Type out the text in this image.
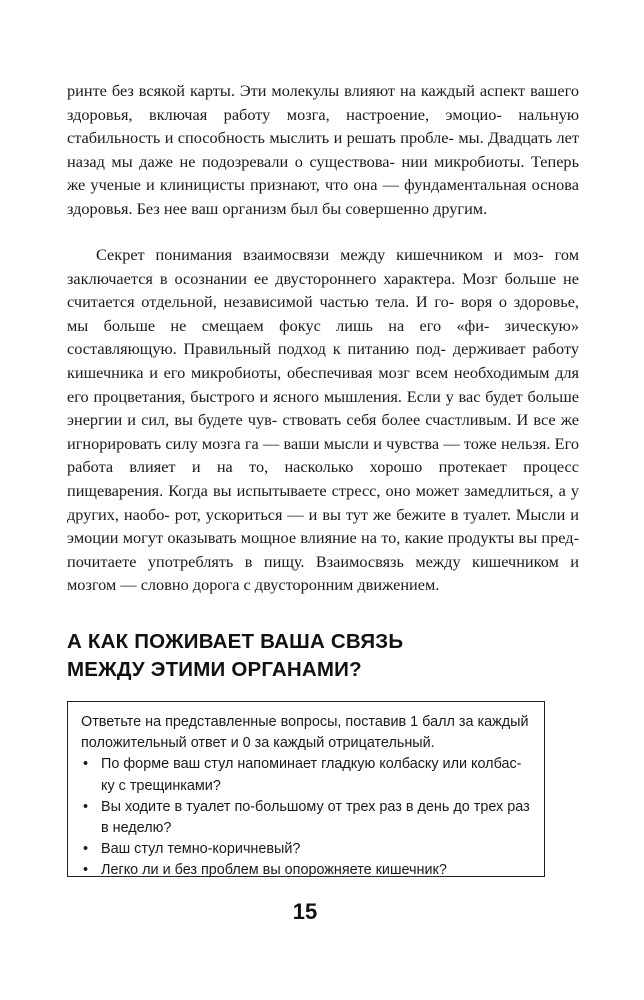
ринте без всякой карты. Эти молекулы влияют на каждый аспект вашего здоровья, включая работу мозга, настроение, эмоцио- нальную стабильность и способность мыслить и решать пробле- мы. Двадцать лет назад мы даже не подозревали о существова- нии микробиоты. Теперь же ученые и клиницисты признают, что она — фундаментальная основа здоровья. Без нее ваш организм был бы совершенно другим.

Секрет понимания взаимосвязи между кишечником и моз- гом заключается в осознании ее двустороннего характера. Мозг больше не считается отдельной, независимой частью тела. И го- воря о здоровье, мы больше не смещаем фокус лишь на его «фи- зическую» составляющую. Правильный подход к питанию под- держивает работу кишечника и его микробиоты, обеспечивая мозг всем необходимым для его процветания, быстрого и ясного мышления. Если у вас будет больше энергии и сил, вы будете чув- ствовать себя более счастливым. И все же игнорировать силу мозга га — ваши мысли и чувства — тоже нельзя. Его работа влияет и на то, насколько хорошо протекает процесс пищеварения. Когда вы испытываете стресс, оно может замедлиться, а у других, наобо- рот, ускориться — и вы тут же бежите в туалет. Мысли и эмоции могут оказывать мощное влияние на то, какие продукты вы пред- почитаете употреблять в пищу. Взаимосвязь между кишечником и мозгом — словно дорога с двусторонним движением.

А КАК ПОЖИВАЕТ ВАША СВЯЗЬ
МЕЖДУ ЭТИМИ ОРГАНАМИ?

Ответьте на представленные вопросы, поставив 1 балл за каждый положительный ответ и 0 за каждый отрицательный.

• По форме ваш стул напоминает гладкую колбаску или колбас- ку с трещинками?
• Вы ходите в туалет по-большому от трех раз в день до трех раз в неделю?
• Ваш стул темно-коричневый?
• Легко ли и без проблем вы опорожняете кишечник?
15
